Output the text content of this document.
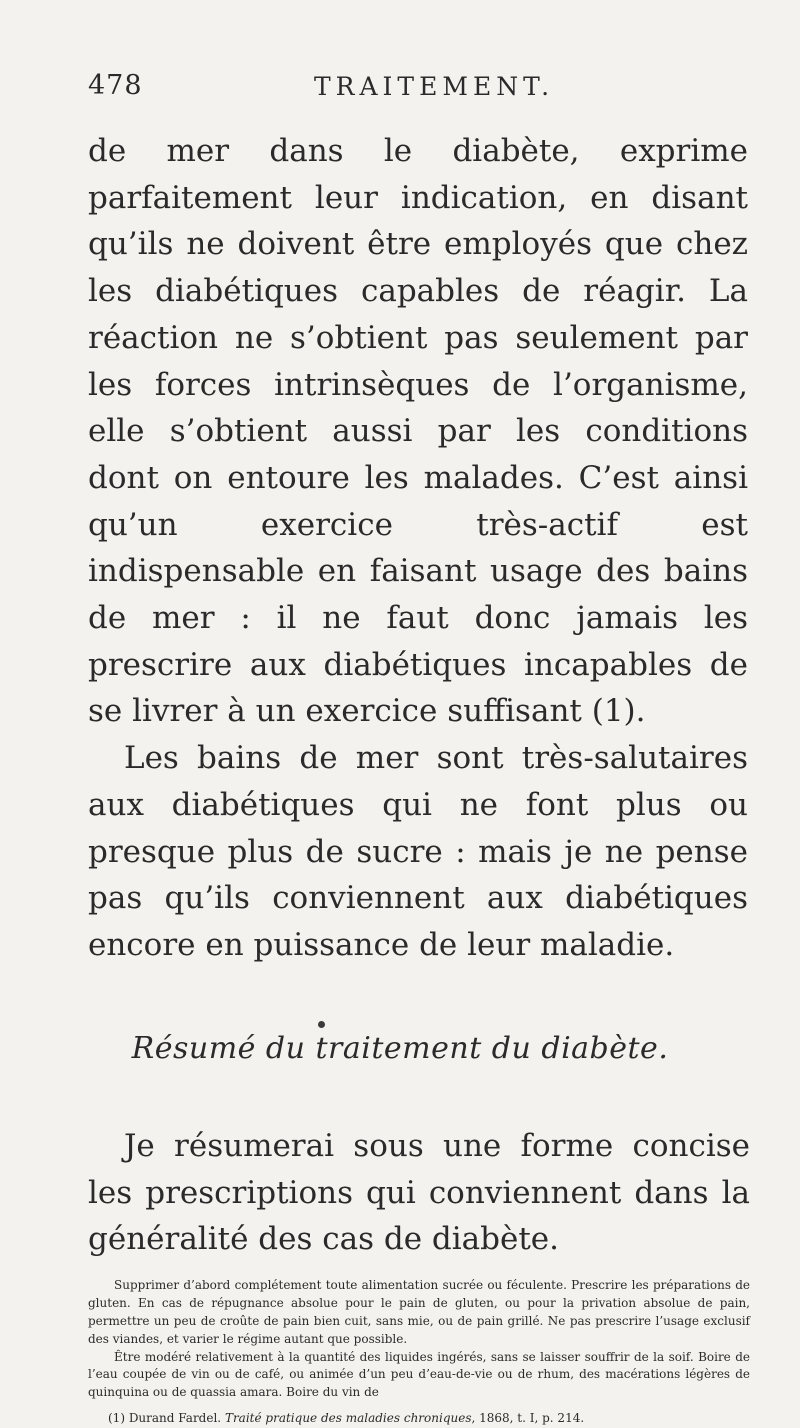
478	TRAITEMENT.

de mer dans le diabète, exprime parfaitement leur indication, en disant qu’ils ne doivent être employés que chez les diabétiques capables de réagir. La réaction ne s’obtient pas seulement par les forces intrinsèques de l’organisme, elle s’obtient aussi par les conditions dont on entoure les malades. C’est ainsi qu’un exercice très-actif est indispensable en faisant usage des bains de mer : il ne faut donc jamais les prescrire aux diabétiques incapables de se livrer à un exercice suffisant (1).

Les bains de mer sont très-salutaires aux diabétiques qui ne font plus ou presque plus de sucre : mais je ne pense pas qu’ils conviennent aux diabétiques encore en puissance de leur maladie.

Résumé du traitement du diabète.

Je résumerai sous une forme concise les prescriptions qui conviennent dans la généralité des cas de diabète.

Supprimer d’abord complétement toute alimentation sucrée ou féculente. Prescrire les préparations de gluten. En cas de répugnance absolue pour le pain de gluten, ou pour la privation absolue de pain, permettre un peu de croûte de pain bien cuit, sans mie, ou de pain grillé. Ne pas prescrire l’usage exclusif des viandes, et varier le régime autant que possible.

Être modéré relativement à la quantité des liquides ingérés, sans se laisser souffrir de la soif. Boire de l’eau coupée de vin ou de café, ou animée d’un peu d’eau-de-vie ou de rhum, des macérations légères de quinquina ou de quassia amara. Boire du vin de

(1) Durand Fardel. Traité pratique des maladies chroniques, 1868, t. I, p. 214.
